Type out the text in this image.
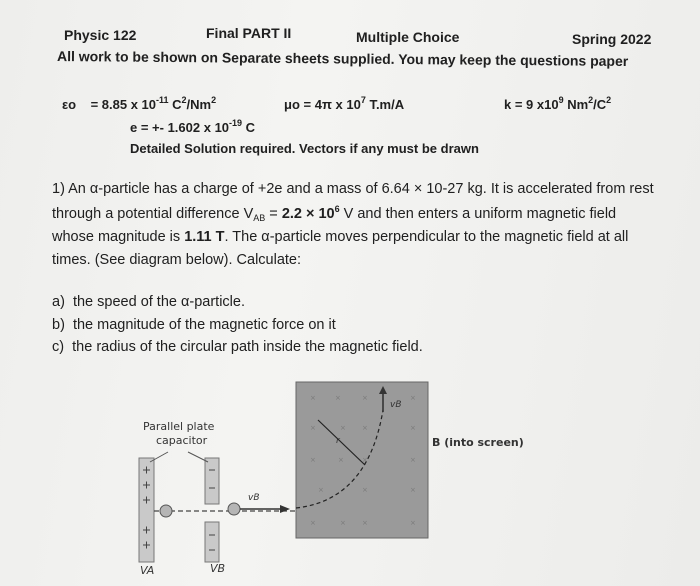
Physic 122	Final PART II	Multiple Choice	Spring 2022
All work to be shown on Separate sheets supplied. You may keep the questions paper
εo = 8.85 x $10^{-11}$ $C^2/Nm^2$	μo = 4π x $10^7$ T.m/A	k = 9 $x10^9$ $Nm^2/C^2$
e = +- 1.602 x $10^{-19}$ C
Detailed Solution required. Vectors if any must be drawn
1) An α-particle has a charge of +2e and a mass of 6.64 × 10-27 kg. It is accelerated from rest
through a potential difference $V_{AB} = 2.2 \times 10^6$ V and then enters a uniform magnetic field
whose magnitude is 1.11 T. The α-particle moves perpendicular to the magnetic field at all
times. (See diagram below). Calculate:
a) the speed of the α-particle.
b) the magnitude of the magnetic force on it
c) the radius of the circular path inside the magnetic field.
×	×	×	×
×	× ×	×
×	×	×	×
×	×	×
×	× ×	×
Parallel plate
capacitor	B (into screen)
VA	VB
vB
vB
r
